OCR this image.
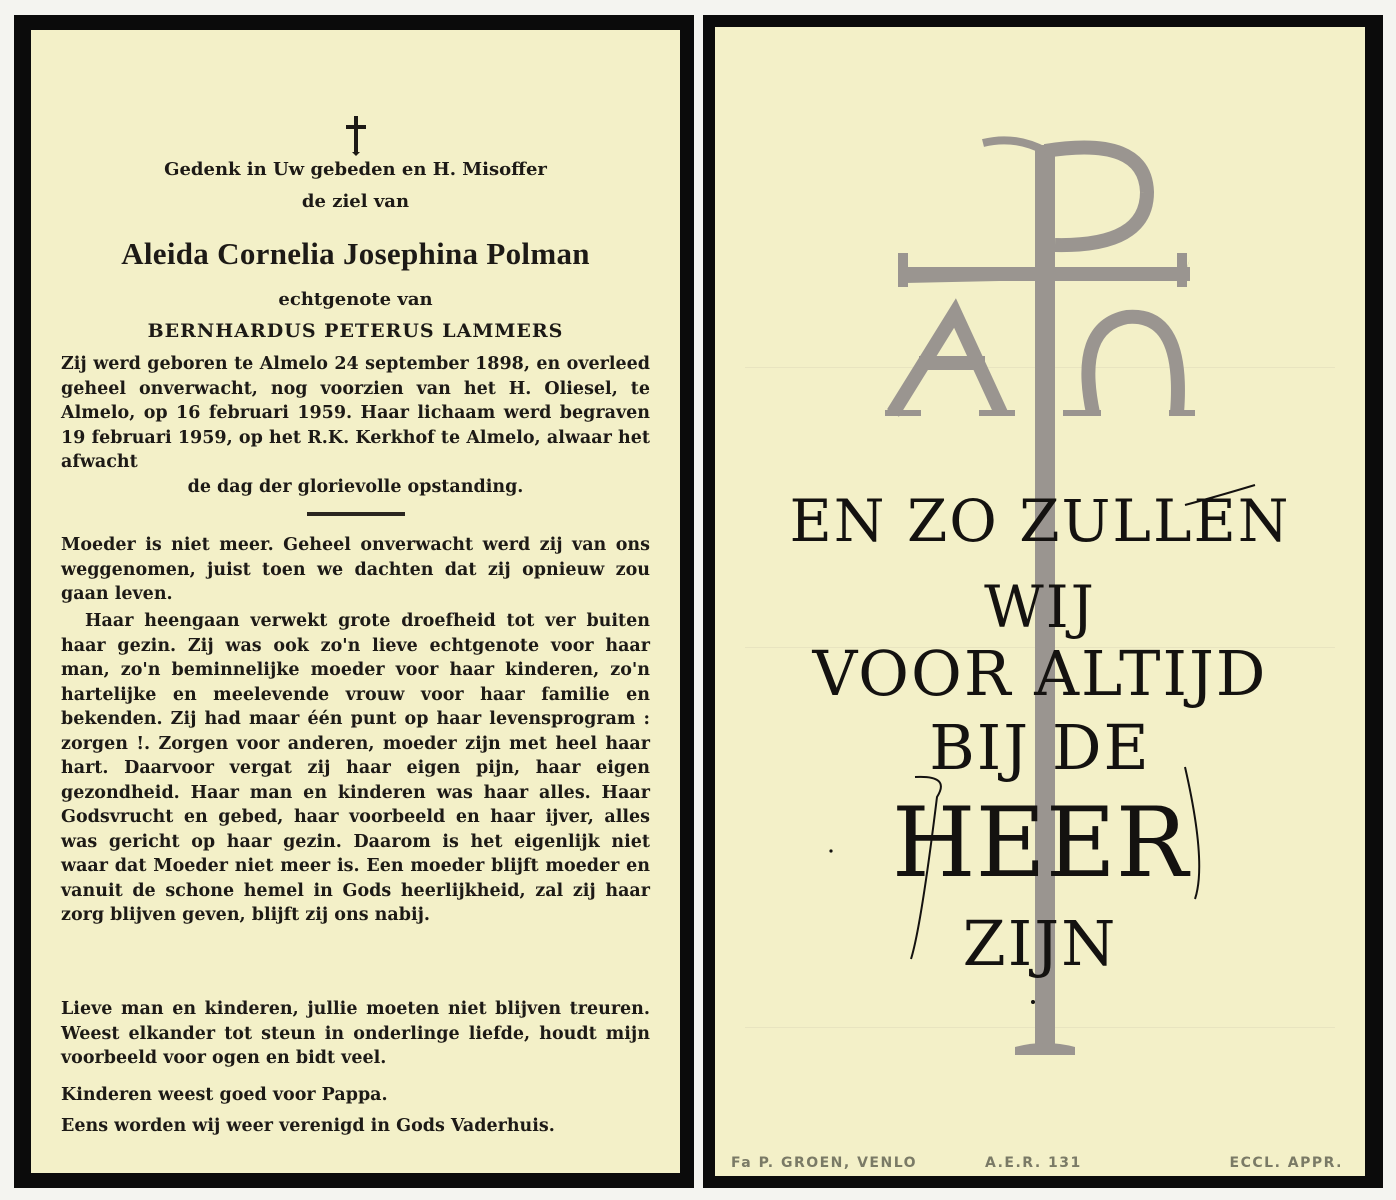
Gedenk in Uw gebeden en H. Misoffer
de ziel van
Aleida Cornelia Josephina Polman
echtgenote van
BERNHARDUS PETERUS LAMMERS
Zij werd geboren te Almelo 24 september 1898, en overleed geheel onverwacht, nog voorzien van het H. Oliesel, te Almelo, op 16 februari 1959. Haar lichaam werd begraven 19 februari 1959, op het R.K. Kerkhof te Almelo, alwaar het afwacht
de dag der glorievolle opstanding.
Moeder is niet meer. Geheel onverwacht werd zij van ons weggenomen, juist toen we dachten dat zij opnieuw zou gaan leven.
Haar heengaan verwekt grote droefheid tot ver buiten haar gezin. Zij was ook zo'n lieve echtgenote voor haar man, zo'n beminnelijke moeder voor haar kinderen, zo'n hartelijke en meelevende vrouw voor haar familie en bekenden. Zij had maar één punt op haar levensprogram : zorgen !. Zorgen voor anderen, moeder zijn met heel haar hart. Daarvoor vergat zij haar eigen pijn, haar eigen gezondheid. Haar man en kinderen was haar alles. Haar Godsvrucht en gebed, haar voorbeeld en haar ijver, alles was gericht op haar gezin. Daarom is het eigenlijk niet waar dat Moeder niet meer is. Een moeder blijft moeder en vanuit de schone hemel in Gods heerlijkheid, zal zij haar zorg blijven geven, blijft zij ons nabij.
Lieve man en kinderen, jullie moeten niet blijven treuren. Weest elkander tot steun in onderlinge liefde, houdt mijn voorbeeld voor ogen en bidt veel.
Kinderen weest goed voor Pappa.
Eens worden wij weer verenigd in Gods Vaderhuis.
EN ZO ZULLEN
WIJ
VOOR ALTIJD
BIJ DE
HEER
ZIJN
Fa P. GROEN, VENLO	A.E.R. 131	ECCL. APPR.
